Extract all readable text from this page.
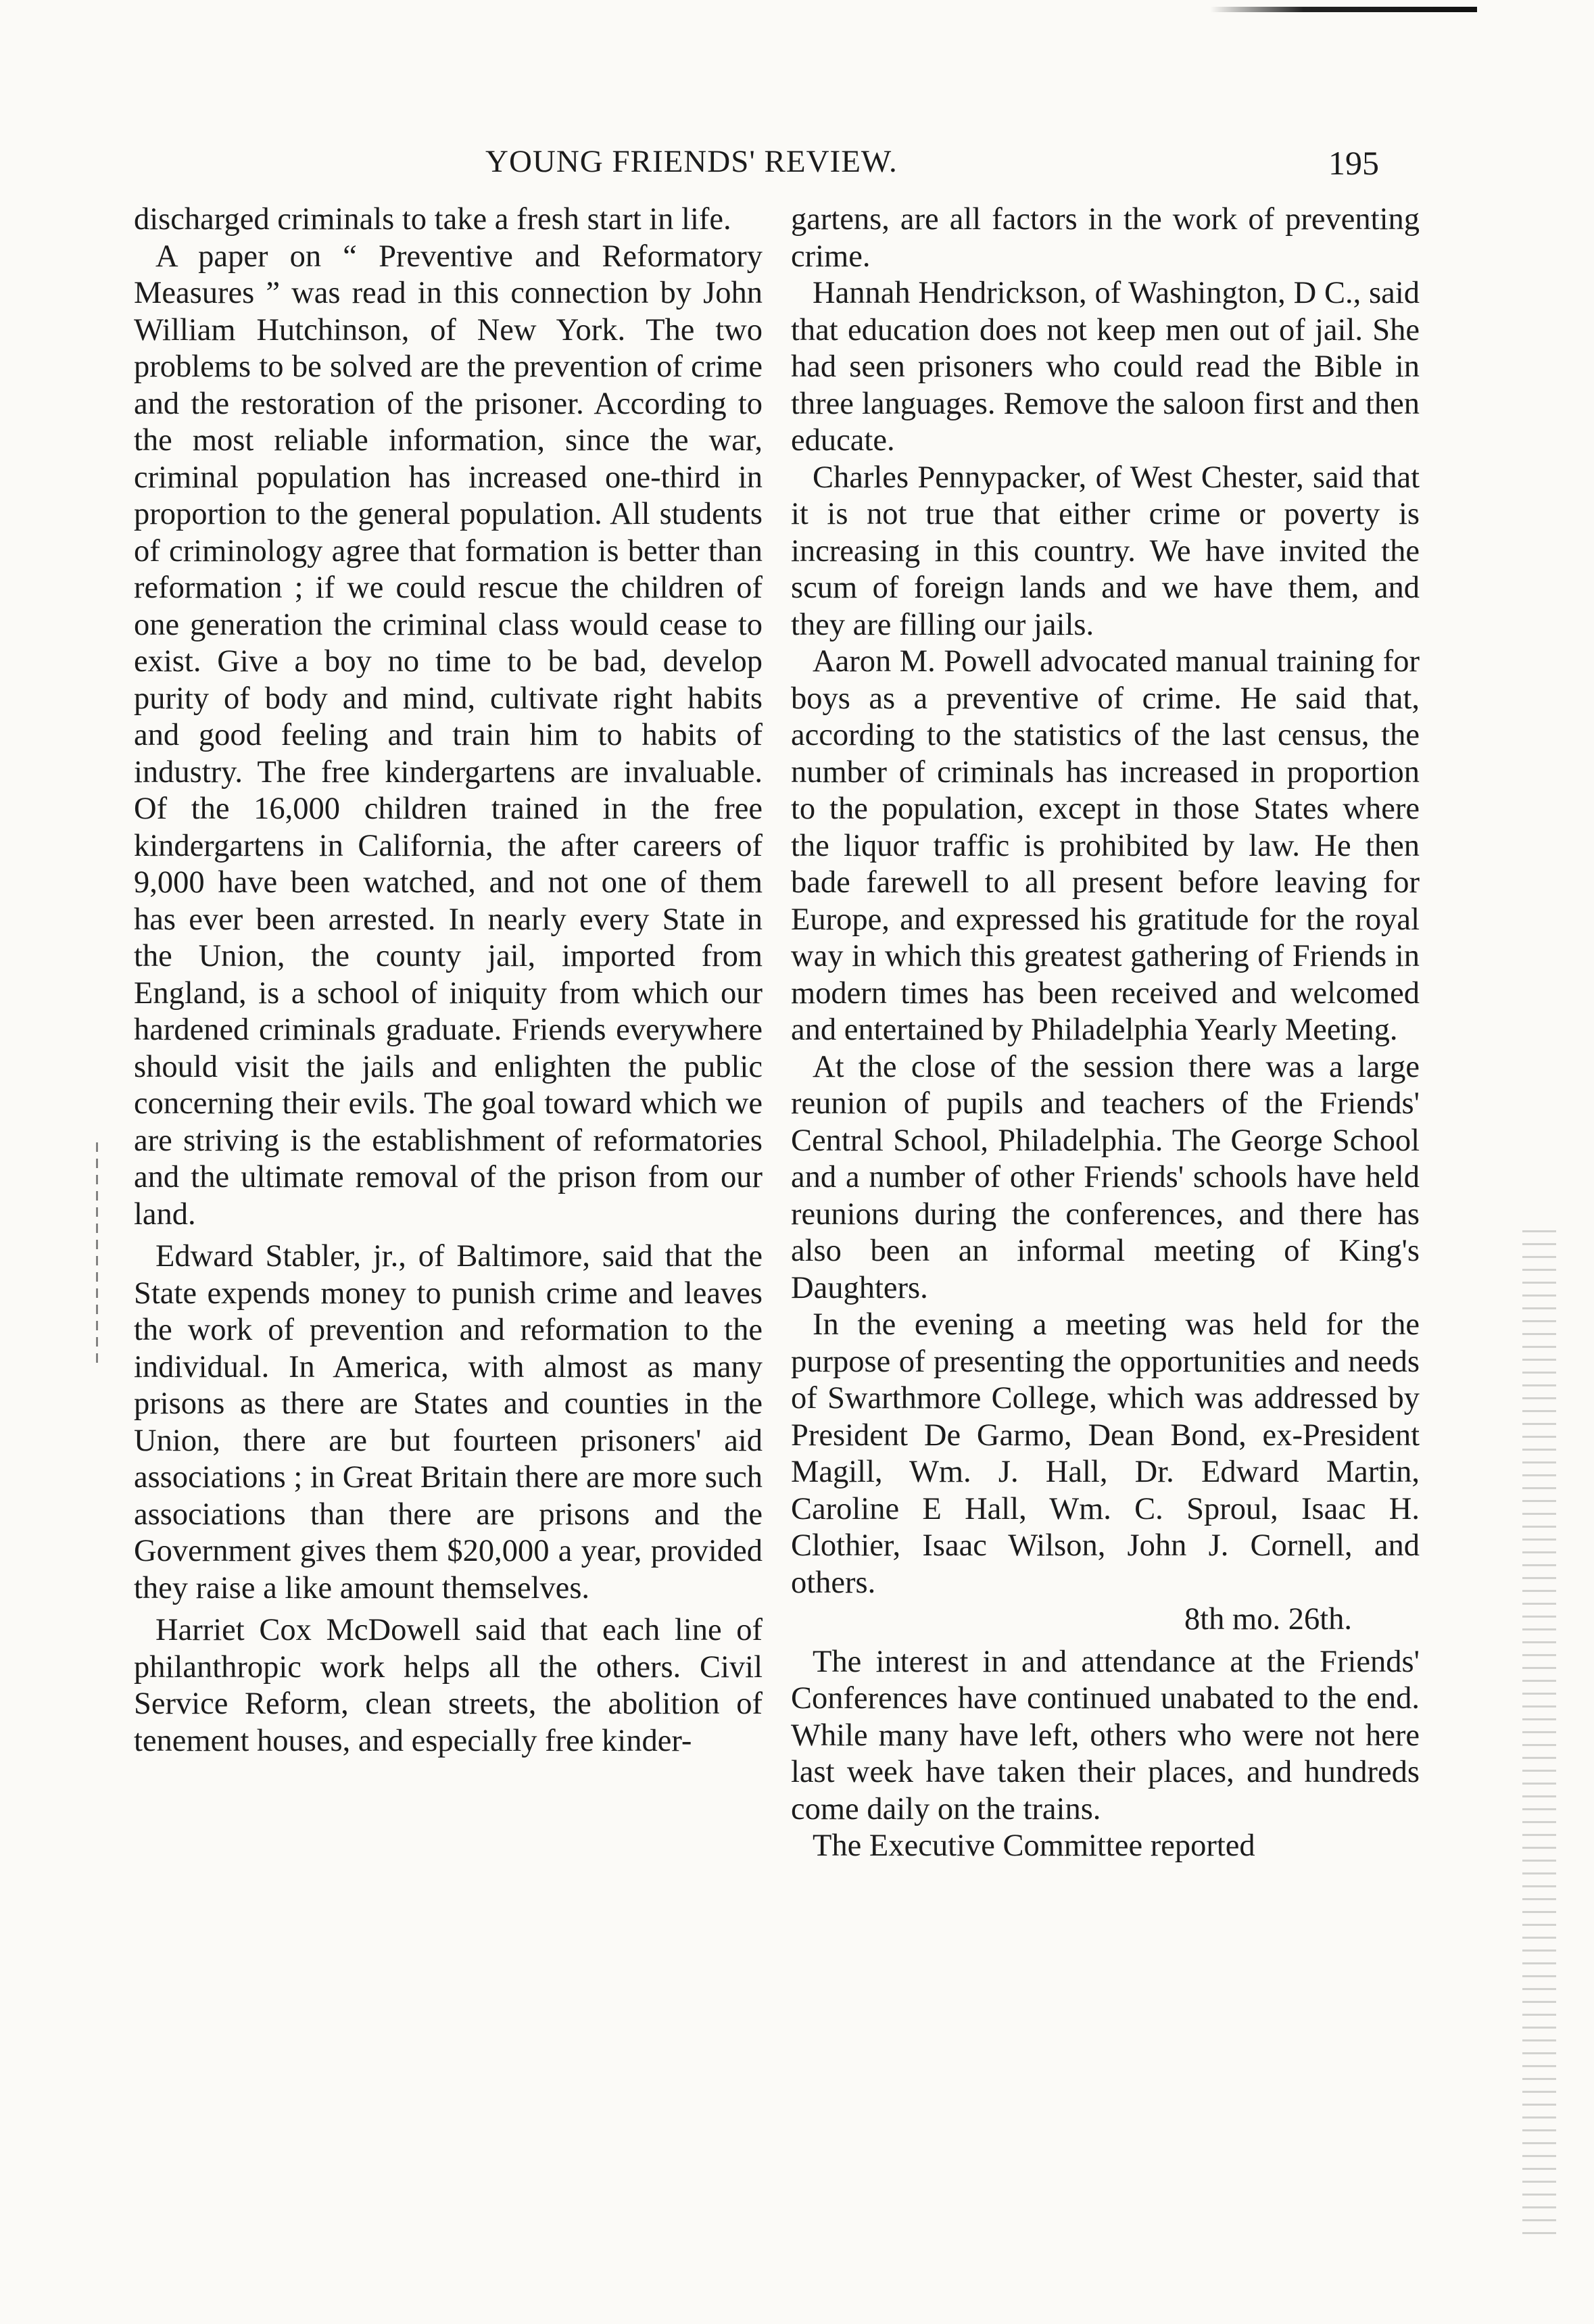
YOUNG FRIENDS' REVIEW.	195

discharged criminals to take a fresh start in life.

A paper on “ Preventive and Reformatory Measures ” was read in this connection by John William Hutchinson, of New York. The two problems to be solved are the prevention of crime and the restoration of the prisoner. According to the most reliable information, since the war, criminal population has increased one-third in proportion to the general population. All students of criminology agree that formation is better than reformation ; if we could rescue the children of one generation the criminal class would cease to exist. Give a boy no time to be bad, develop purity of body and mind, cultivate right habits and good feeling and train him to habits of industry. The free kindergartens are invaluable. Of the 16,000 children trained in the free kindergartens in California, the after careers of 9,000 have been watched, and not one of them has ever been arrested. In nearly every State in the Union, the county jail, imported from England, is a school of iniquity from which our hardened criminals graduate. Friends everywhere should visit the jails and enlighten the public concerning their evils. The goal toward which we are striving is the establishment of reformatories and the ultimate removal of the prison from our land.

Edward Stabler, jr., of Baltimore, said that the State expends money to punish crime and leaves the work of prevention and reformation to the individual. In America, with almost as many prisons as there are States and counties in the Union, there are but fourteen prisoners' aid associations ; in Great Britain there are more such associations than there are prisons and the Government gives them $20,000 a year, provided they raise a like amount themselves.

Harriet Cox McDowell said that each line of philanthropic work helps all the others. Civil Service Reform, clean streets, the abolition of tenement houses, and especially free kinder-

gartens, are all factors in the work of preventing crime.

Hannah Hendrickson, of Washington, D C., said that education does not keep men out of jail. She had seen prisoners who could read the Bible in three languages. Remove the saloon first and then educate.

Charles Pennypacker, of West Chester, said that it is not true that either crime or poverty is increasing in this country. We have invited the scum of foreign lands and we have them, and they are filling our jails.

Aaron M. Powell advocated manual training for boys as a preventive of crime. He said that, according to the statistics of the last census, the number of criminals has increased in proportion to the population, except in those States where the liquor traffic is prohibited by law. He then bade farewell to all present before leaving for Europe, and expressed his gratitude for the royal way in which this greatest gathering of Friends in modern times has been received and welcomed and entertained by Philadelphia Yearly Meeting.

At the close of the session there was a large reunion of pupils and teachers of the Friends' Central School, Philadelphia. The George School and a number of other Friends' schools have held reunions during the conferences, and there has also been an informal meeting of King's Daughters.

In the evening a meeting was held for the purpose of presenting the opportunities and needs of Swarthmore College, which was addressed by President De Garmo, Dean Bond, ex-President Magill, Wm. J. Hall, Dr. Edward Martin, Caroline E Hall, Wm. C. Sproul, Isaac H. Clothier, Isaac Wilson, John J. Cornell, and others.

8th mo. 26th.

The interest in and attendance at the Friends' Conferences have continued unabated to the end. While many have left, others who were not here last week have taken their places, and hundreds come daily on the trains.

The Executive Committee reported
